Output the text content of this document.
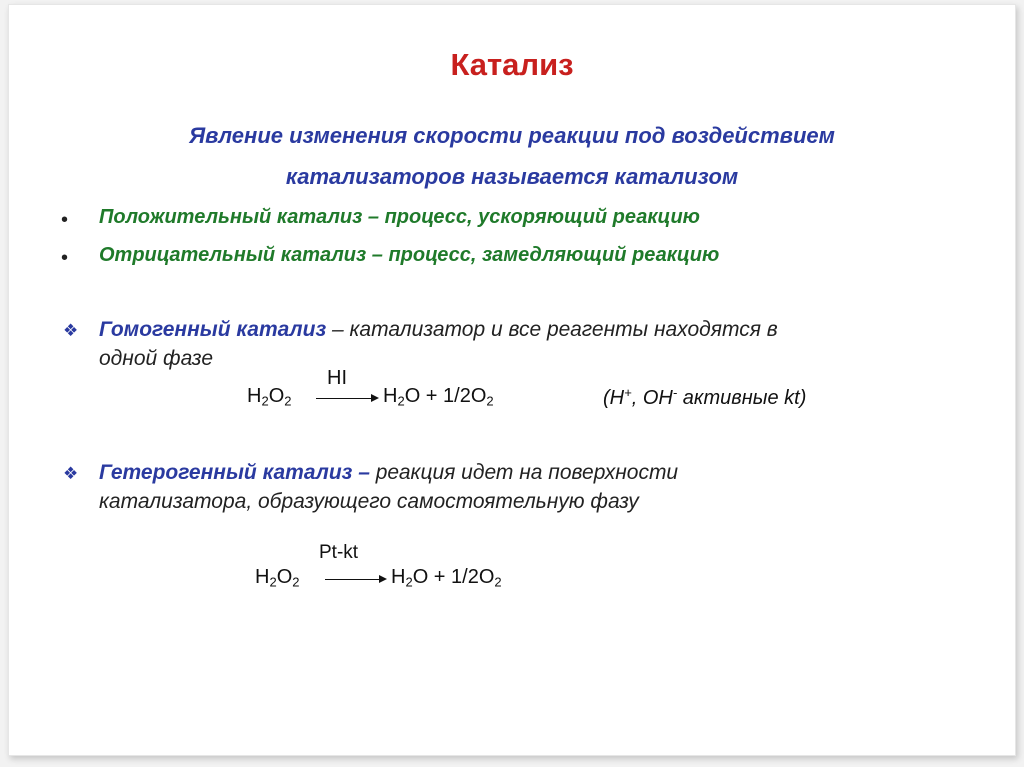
Катализ
Явление изменения скорости реакции под воздействием
катализаторов называется катализом
• Положительный катализ – процесс, ускоряющий реакцию
• Отрицательный катализ – процесс, замедляющий реакцию
❖ Гомогенный катализ – катализатор и все реагенты находятся в
одной фазе
HI
$H_2O_2 \to H_2O + 1/2O_2$	(H+, OH- активные kt)
❖ Гетерогенный катализ – реакция идет на поверхности
катализатора, образующего самостоятельную фазу
Pt-kt
$H_2O_2 \to H_2O + 1/2O_2$
